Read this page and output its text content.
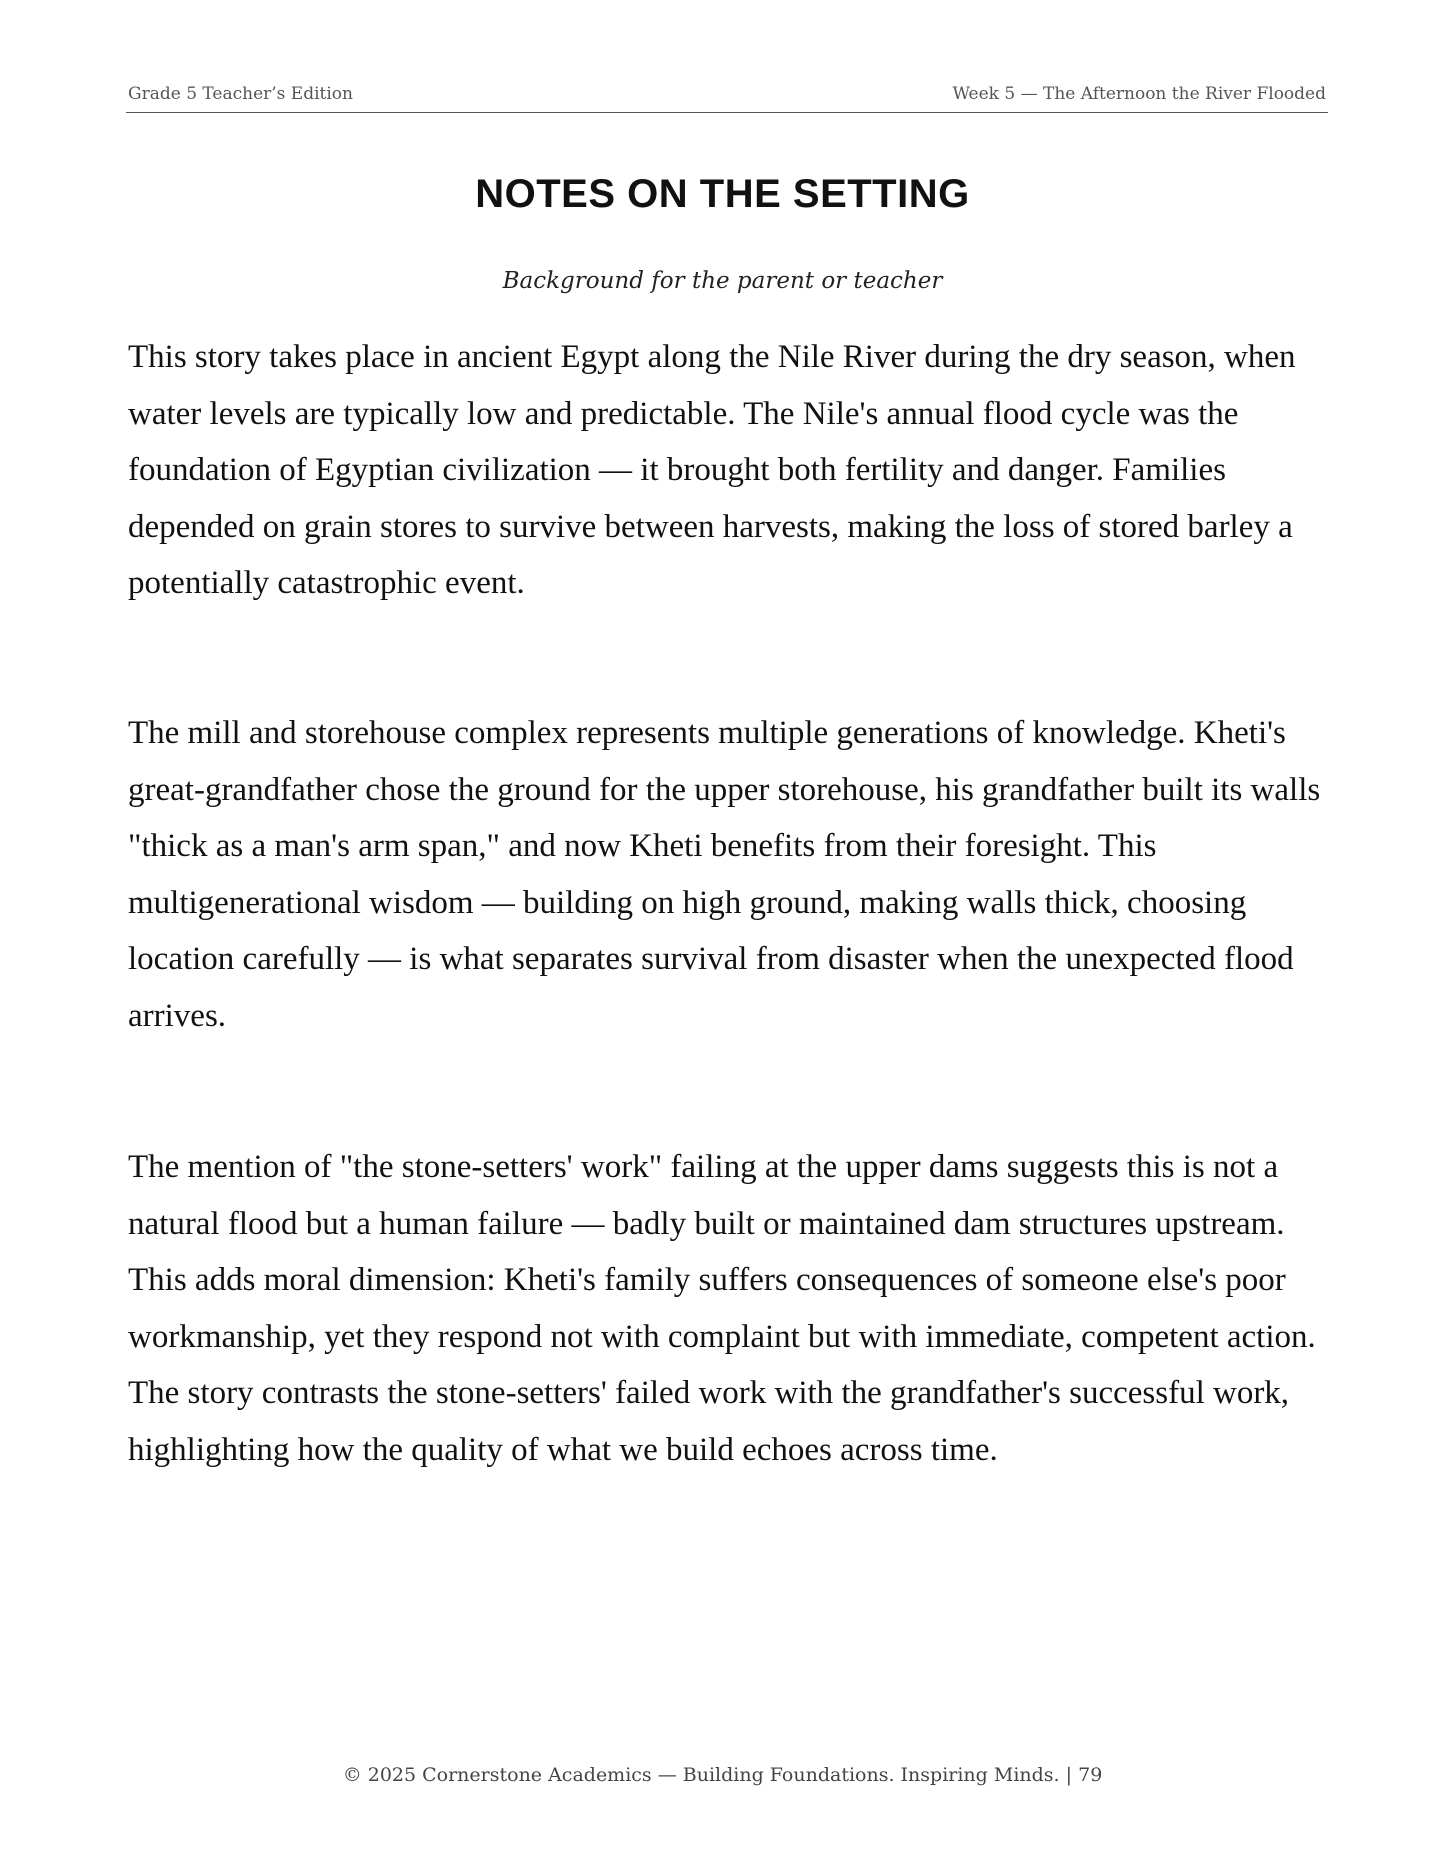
Grade 5 Teacher’s Edition	Week 5 — The Afternoon the River Flooded
NOTES ON THE SETTING
Background for the parent or teacher

This story takes place in ancient Egypt along the Nile River during the dry season, when water levels are typically low and predictable. The Nile's annual flood cycle was the foundation of Egyptian civilization — it brought both fertility and danger. Families depended on grain stores to survive between harvests, making the loss of stored barley a potentially catastrophic event.

The mill and storehouse complex represents multiple generations of knowledge. Kheti's great-grandfather chose the ground for the upper storehouse, his grandfather built its walls "thick as a man's arm span," and now Kheti benefits from their foresight. This multigenerational wisdom — building on high ground, making walls thick, choosing location carefully — is what separates survival from disaster when the unexpected flood arrives.

The mention of "the stone-setters' work" failing at the upper dams suggests this is not a natural flood but a human failure — badly built or maintained dam structures upstream. This adds moral dimension: Kheti's family suffers consequences of someone else's poor workmanship, yet they respond not with complaint but with immediate, competent action. The story contrasts the stone-setters' failed work with the grandfather's successful work, highlighting how the quality of what we build echoes across time.

© 2025 Cornerstone Academics — Building Foundations. Inspiring Minds. | 79
